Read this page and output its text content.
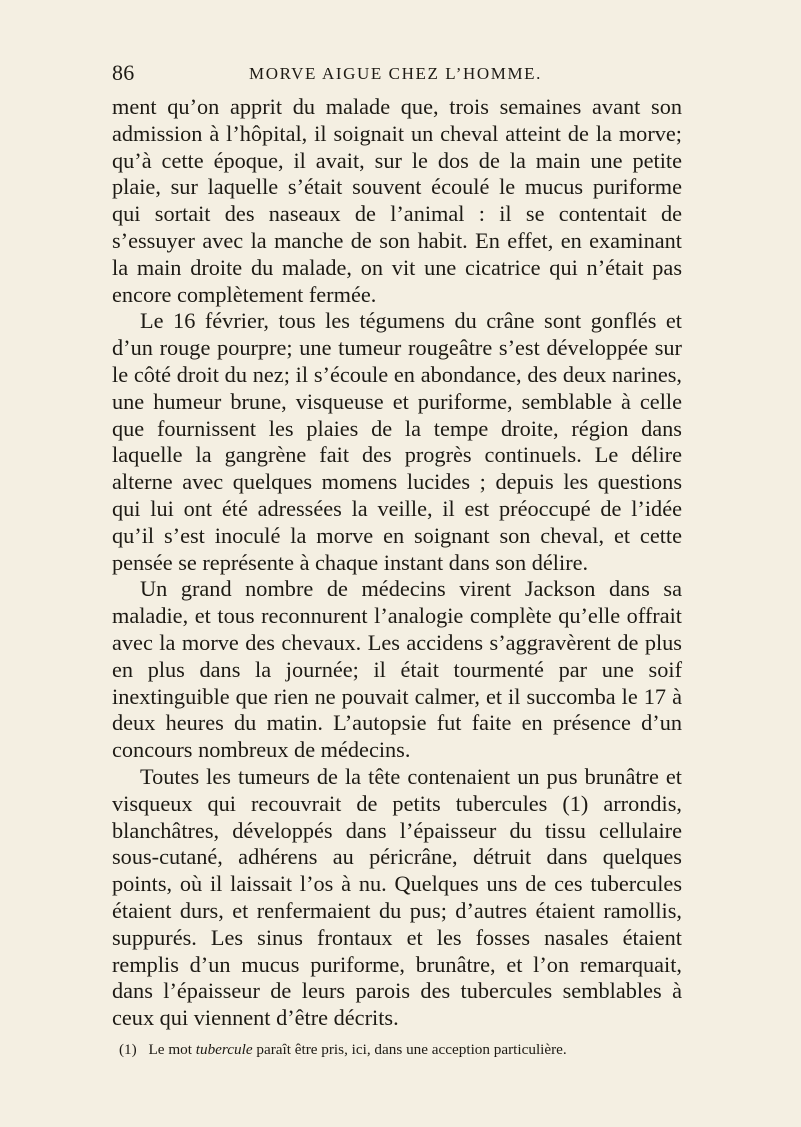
86	MORVE AIGUE CHEZ L’HOMME.

ment qu’on apprit du malade que, trois semaines avant son admission à l’hôpital, il soignait un cheval atteint de la morve; qu’à cette époque, il avait, sur le dos de la main une petite plaie, sur laquelle s’était souvent écoulé le mucus puriforme qui sortait des naseaux de l’animal : il se contentait de s’essuyer avec la manche de son habit. En effet, en examinant la main droite du malade, on vit une cicatrice qui n’était pas encore complètement fermée.

Le 16 février, tous les tégumens du crâne sont gonflés et d’un rouge pourpre; une tumeur rougeâtre s’est développée sur le côté droit du nez; il s’écoule en abondance, des deux narines, une humeur brune, visqueuse et puriforme, semblable à celle que fournissent les plaies de la tempe droite, région dans laquelle la gangrène fait des progrès continuels. Le délire alterne avec quelques momens lucides ; depuis les questions qui lui ont été adressées la veille, il est préoccupé de l’idée qu’il s’est inoculé la morve en soignant son cheval, et cette pensée se représente à chaque instant dans son délire.

Un grand nombre de médecins virent Jackson dans sa maladie, et tous reconnurent l’analogie complète qu’elle offrait avec la morve des chevaux. Les accidens s’aggravèrent de plus en plus dans la journée; il était tourmenté par une soif inextinguible que rien ne pouvait calmer, et il succomba le 17 à deux heures du matin. L’autopsie fut faite en présence d’un concours nombreux de médecins.

Toutes les tumeurs de la tête contenaient un pus brunâtre et visqueux qui recouvrait de petits tubercules (1) arrondis, blanchâtres, développés dans l’épaisseur du tissu cellulaire sous-cutané, adhérens au péricrâne, détruit dans quelques points, où il laissait l’os à nu. Quelques uns de ces tubercules étaient durs, et renfermaient du pus; d’autres étaient ramollis, suppurés. Les sinus frontaux et les fosses nasales étaient remplis d’un mucus puriforme, brunâtre, et l’on remarquait, dans l’épaisseur de leurs parois des tubercules semblables à ceux qui viennent d’être décrits.

(1) Le mot tubercule paraît être pris, ici, dans une acception particulière.
